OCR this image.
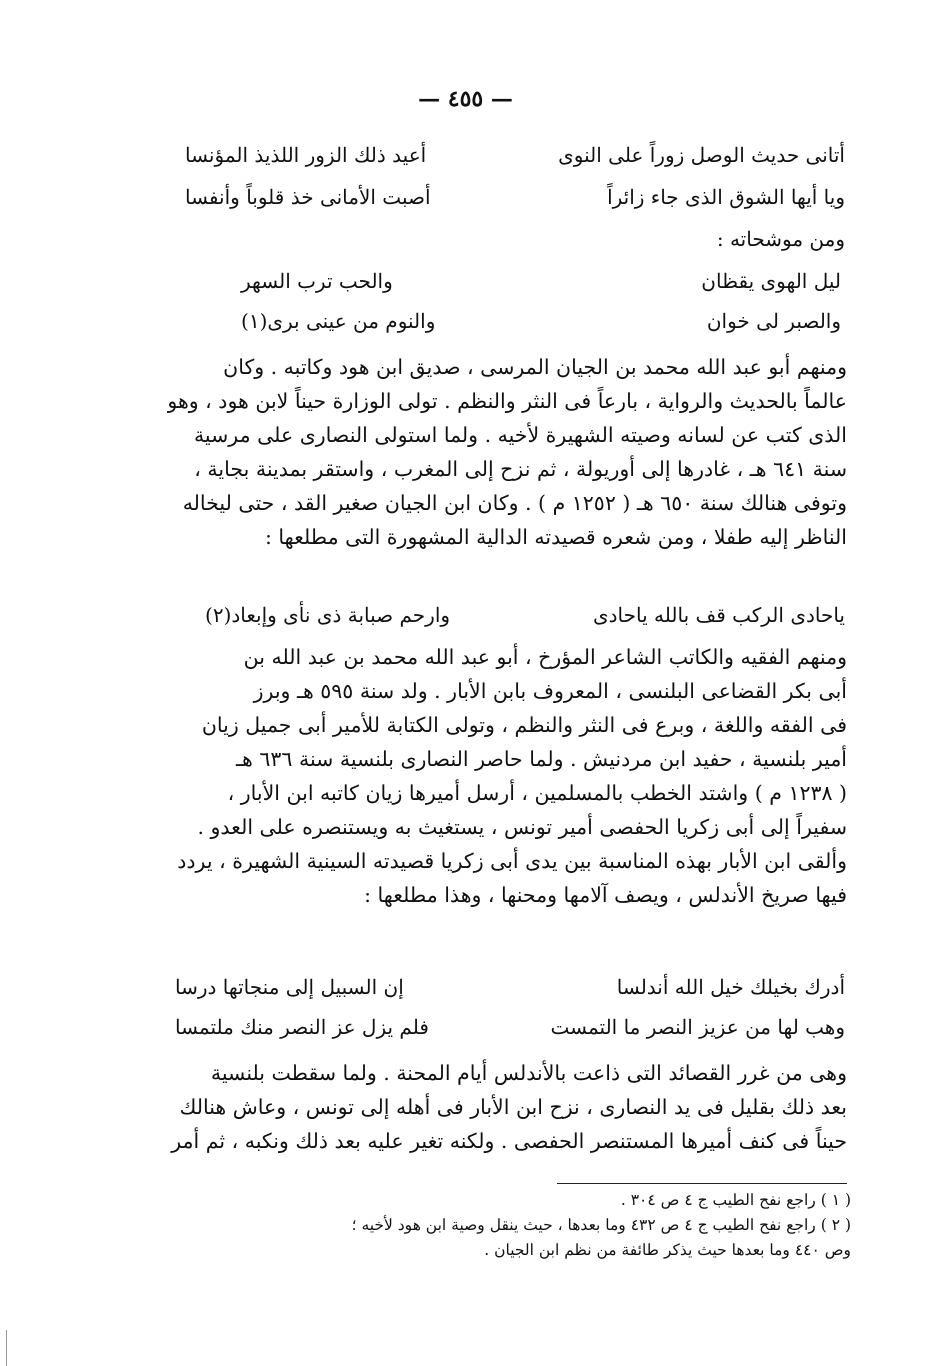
— ٤٥٥ —
أتانى حديث الوصل زوراً على النوى
أعيد ذلك الزور اللذيذ المؤنسا
ويا أيها الشوق الذى جاء زائراً
أصبت الأمانى خذ قلوباً وأنفسا
ومن موشحاته :
ليل الهوى يقظان
والحب ترب السهر
والصبر لى خوان
والنوم من عينى برى(١)
ومنهم أبو عبد الله محمد بن الجيان المرسى ، صديق ابن هود وكاتبه . وكان
عالماً بالحديث والرواية ، بارعاً فى النثر والنظم . تولى الوزارة حيناً لابن هود ، وهو
الذى كتب عن لسانه وصيته الشهيرة لأخيه . ولما استولى النصارى على مرسية
سنة ٦٤١ هـ ، غادرها إلى أوريولة ، ثم نزح إلى المغرب ، واستقر بمدينة بجاية ،
وتوفى هنالك سنة ٦٥٠ هـ ( ١٢٥٢ م ) . وكان ابن الجيان صغير القد ، حتى ليخاله
الناظر إليه طفلا ، ومن شعره قصيدته الدالية المشهورة التى مطلعها :
ياحادى الركب قف بالله ياحادى
وارحم صبابة ذى نأى وإبعاد(٢)
ومنهم الفقيه والكاتب الشاعر المؤرخ ، أبو عبد الله محمد بن عبد الله بن
أبى بكر القضاعى البلنسى ، المعروف بابن الأبار . ولد سنة ٥٩٥ هـ وبرز
فى الفقه واللغة ، وبرع فى النثر والنظم ، وتولى الكتابة للأمير أبى جميل زيان
أمير بلنسية ، حفيد ابن مردنيش . ولما حاصر النصارى بلنسية سنة ٦٣٦ هـ
( ١٢٣٨ م ) واشتد الخطب بالمسلمين ، أرسل أميرها زيان كاتبه ابن الأبار ،
سفيراً إلى أبى زكريا الحفصى أمير تونس ، يستغيث به ويستنصره على العدو .
وألقى ابن الأبار بهذه المناسبة بين يدى أبى زكريا قصيدته السينية الشهيرة ، يردد
فيها صريخ الأندلس ، ويصف آلامها ومحنها ، وهذا مطلعها :
أدرك بخيلك خيل الله أندلسا
إن السبيل إلى منجاتها درسا
وهب لها من عزيز النصر ما التمست
فلم يزل عز النصر منك ملتمسا
وهى من غرر القصائد التى ذاعت بالأندلس أيام المحنة . ولما سقطت بلنسية
بعد ذلك بقليل فى يد النصارى ، نزح ابن الأبار فى أهله إلى تونس ، وعاش هنالك
حيناً فى كنف أميرها المستنصر الحفصى . ولكنه تغير عليه بعد ذلك ونكبه ، ثم أمر
( ١ ) راجع نفح الطيب ج ٤ ص ٣٠٤ .
( ٢ ) راجع نفح الطيب ج ٤ ص ٤٣٢ وما بعدها ، حيث ينقل وصية ابن هود لأخيه ؛
وص ٤٤٠ وما بعدها حيث يذكر طائفة من نظم ابن الجيان .
